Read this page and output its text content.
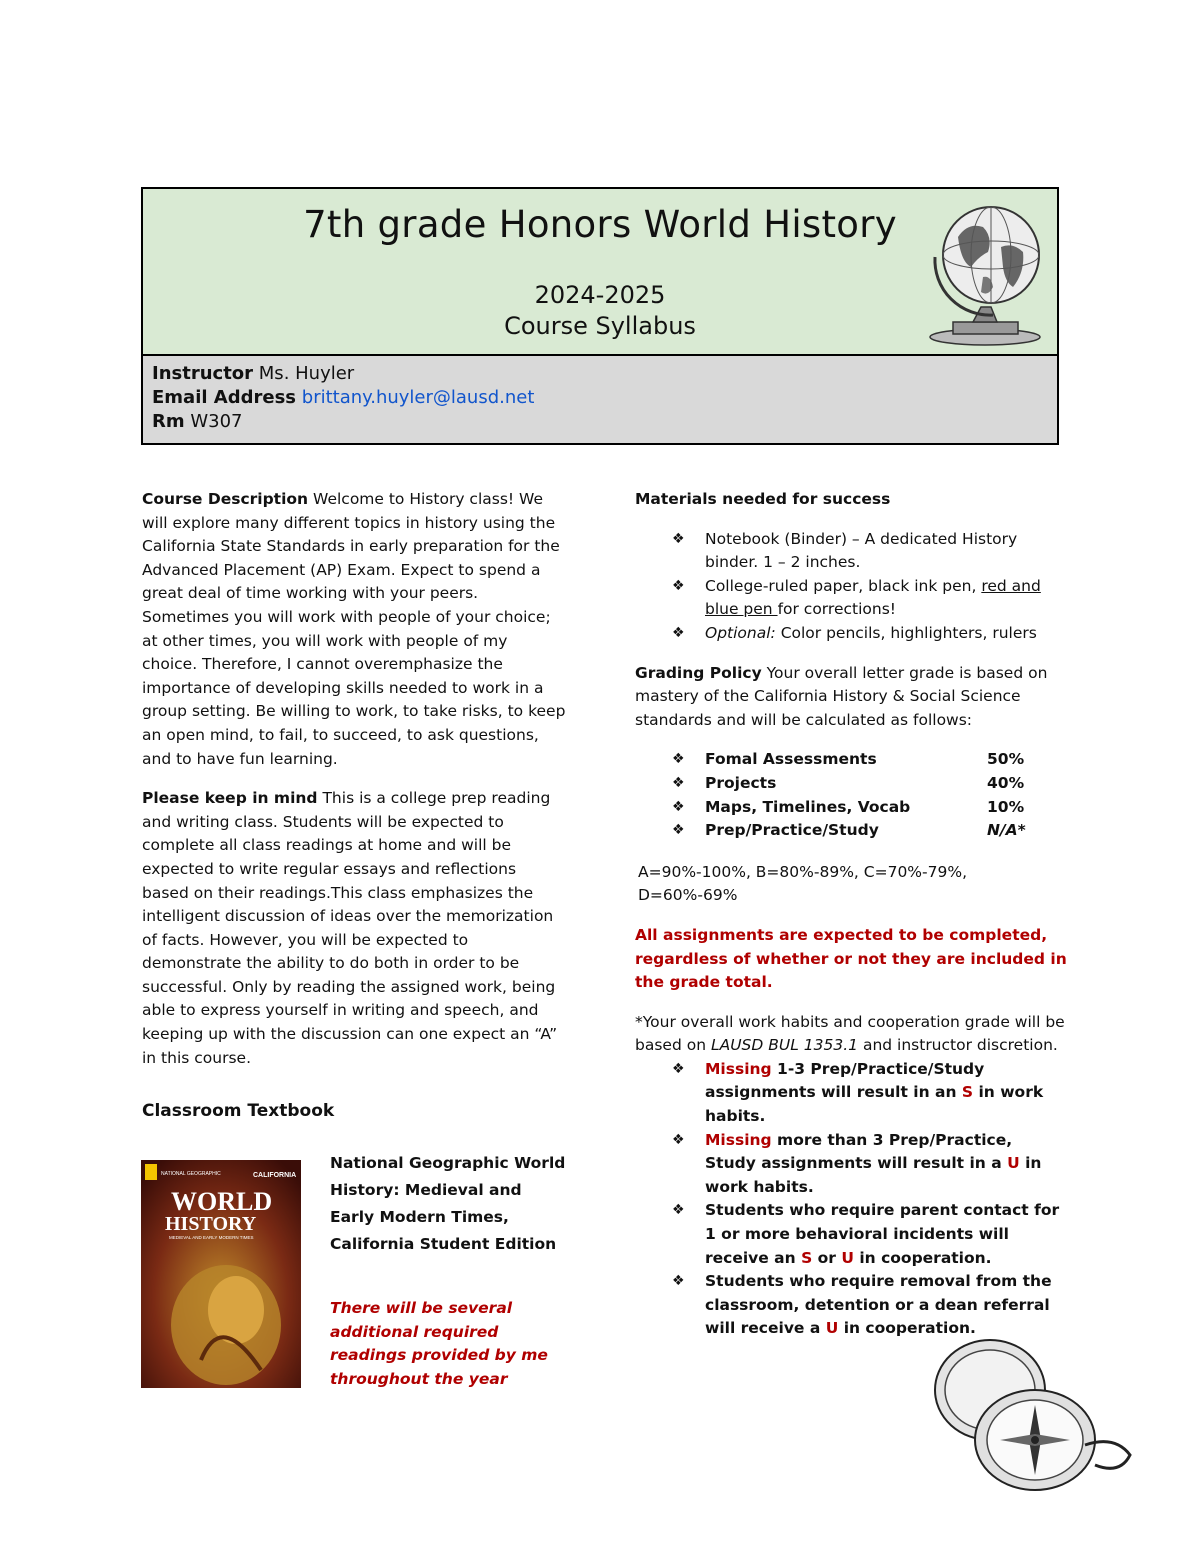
7th grade Honors World History
2024-2025
Course Syllabus
Instructor Ms. Huyler
Email Address brittany.huyler@lausd.net
Rm W307

Course Description Welcome to History class! We will explore many different topics in history using the California State Standards in early preparation for the Advanced Placement (AP) Exam. Expect to spend a great deal of time working with your peers. Sometimes you will work with people of your choice; at other times, you will work with people of my choice. Therefore, I cannot overemphasize the importance of developing skills needed to work in a group setting. Be willing to work, to take risks, to keep an open mind, to fail, to succeed, to ask questions, and to have fun learning.

Please keep in mind This is a college prep reading and writing class. Students will be expected to complete all class readings at home and will be expected to write regular essays and reflections based on their readings.This class emphasizes the intelligent discussion of ideas over the memorization of facts. However, you will be expected to demonstrate the ability to do both in order to be successful. Only by reading the assigned work, being able to express yourself in writing and speech, and keeping up with the discussion can one expect an “A” in this course.

Classroom Textbook

NATIONAL GEOGRAPHIC	CALIFORNIA
WORLD
HISTORY
MEDIEVAL AND EARLY MODERN TIMES
National Geographic World History: Medieval and Early Modern Times, California Student Edition
There will be several additional required readings provided by me throughout the year

Materials needed for success

❖ Notebook (Binder) – A dedicated History binder. 1 – 2 inches.
❖ College-ruled paper, black ink pen, red and blue pen for corrections!
❖ Optional: Color pencils, highlighters, rulers

Grading Policy Your overall letter grade is based on mastery of the California History & Social Science standards and will be calculated as follows:

❖ Fomal Assessments	50%
❖ Projects	40%
❖ Maps, Timelines, Vocab	10%
❖ Prep/Practice/Study	N/A*

A=90%-100%, B=80%-89%, C=70%-79%, D=60%-69%

All assignments are expected to be completed, regardless of whether or not they are included in the grade total.

*Your overall work habits and cooperation grade will be based on LAUSD BUL 1353.1 and instructor discretion.

❖ Missing 1-3 Prep/Practice/Study assignments will result in an S in work habits.
❖ Missing more than 3 Prep/Practice, Study assignments will result in a U in work habits.
❖ Students who require parent contact for 1 or more behavioral incidents will receive an S or U in cooperation.
❖ Students who require removal from the classroom, detention or a dean referral will receive a U in cooperation.
